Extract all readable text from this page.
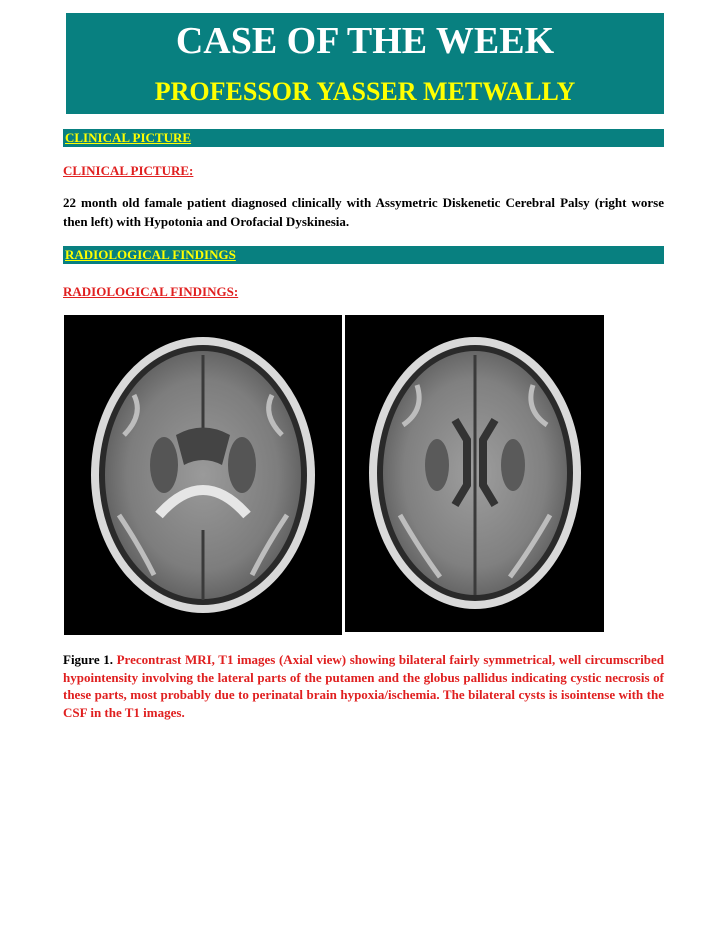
CASE OF THE WEEK
PROFESSOR YASSER METWALLY
CLINICAL PICTURE
CLINICAL PICTURE:
22 month old famale patient diagnosed clinically with Assymetric Diskenetic Cerebral Palsy (right worse then left) with Hypotonia and Orofacial Dyskinesia.
RADIOLOGICAL FINDINGS
RADIOLOGICAL FINDINGS:
Figure 1. Precontrast MRI, T1 images (Axial view) showing bilateral fairly symmetrical, well circumscribed hypointensity involving the lateral parts of the putamen and the globus pallidus indicating cystic necrosis of these parts, most probably due to perinatal brain hypoxia/ischemia. The bilateral cysts is isointense with the CSF in the T1 images.
